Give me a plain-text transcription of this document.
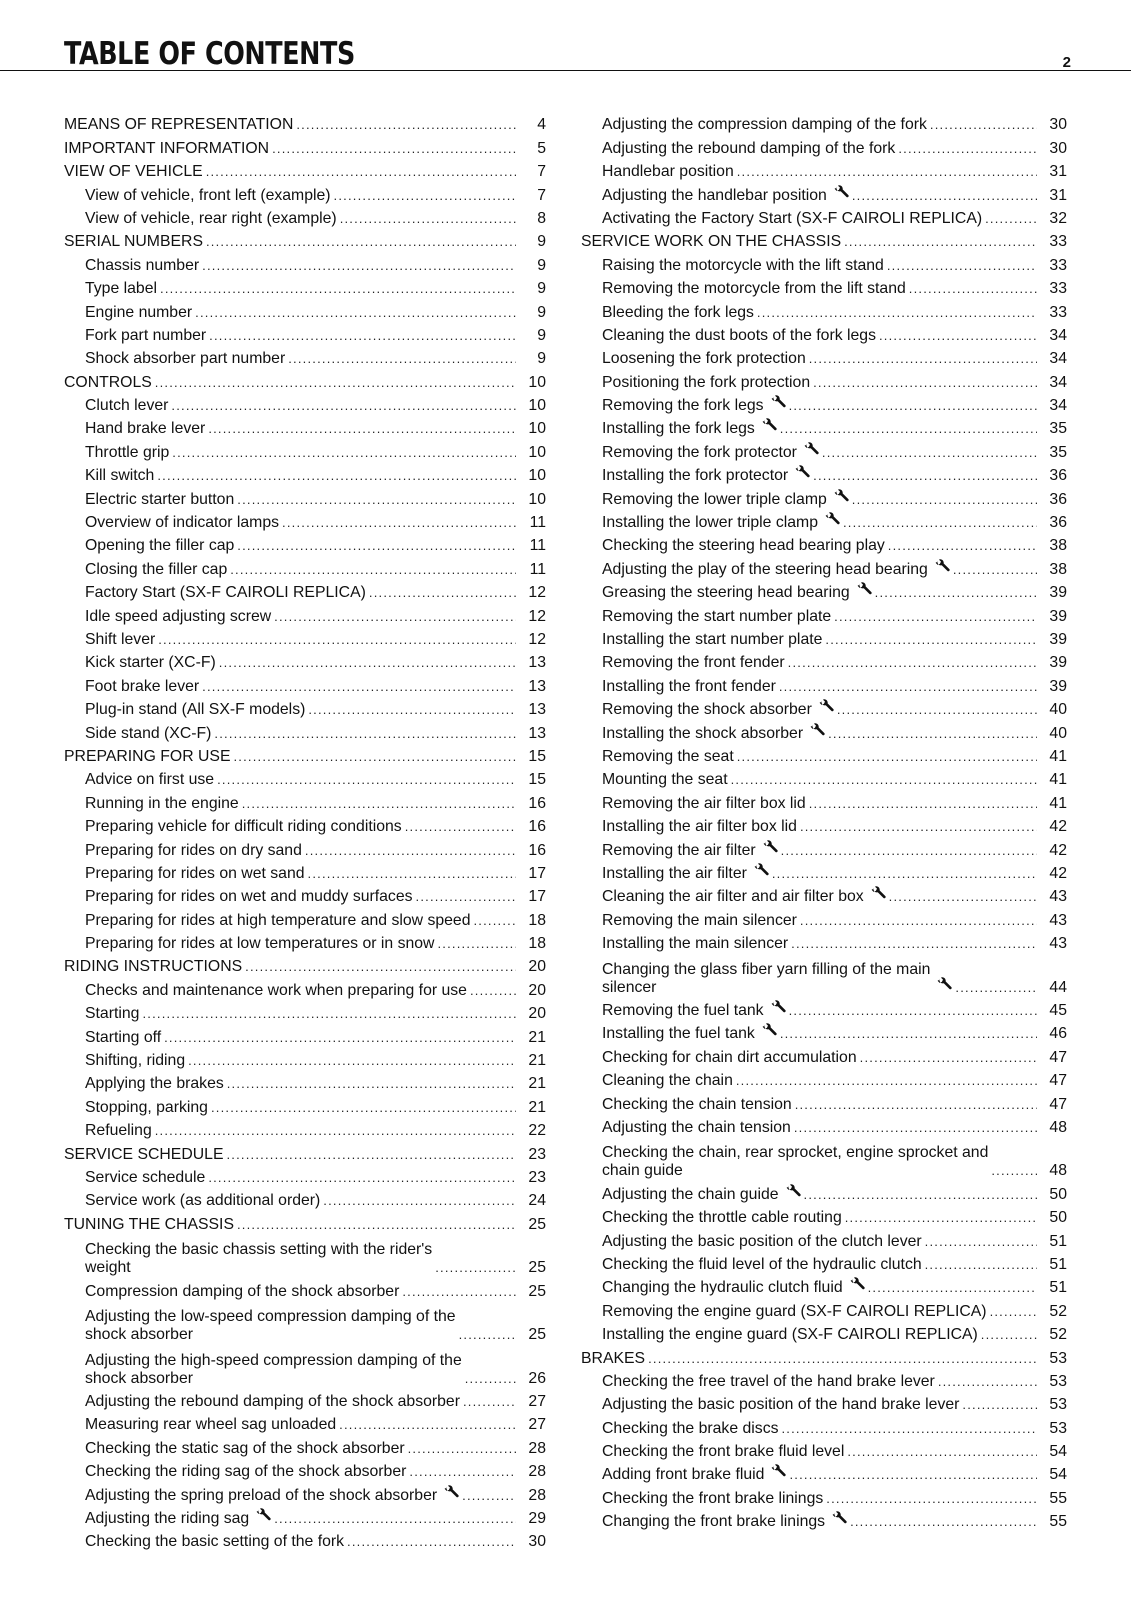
TABLE OF CONTENTS	2
MEANS OF REPRESENTATION .....	4
IMPORTANT INFORMATION .....	5
VIEW OF VEHICLE .....	7
View of vehicle, front left (example) .....	7
View of vehicle, rear right (example) .....	8
SERIAL NUMBERS .....	9
Chassis number .....	9
Type label .....	9
Engine number .....	9
Fork part number .....	9
Shock absorber part number .....	9
CONTROLS .....	10
Clutch lever .....	10
Hand brake lever .....	10
Throttle grip .....	10
Kill switch .....	10
Electric starter button .....	10
Overview of indicator lamps .....	11
Opening the filler cap .....	11
Closing the filler cap .....	11
Factory Start (SX-F CAIROLI REPLICA) .....	12
Idle speed adjusting screw .....	12
Shift lever .....	12
Kick starter (XC-F) .....	13
Foot brake lever .....	13
Plug-in stand (All SX-F models) .....	13
Side stand (XC-F) .....	13
PREPARING FOR USE .....	15
Advice on first use .....	15
Running in the engine .....	16
Preparing vehicle for difficult riding conditions .....	16
Preparing for rides on dry sand .....	16
Preparing for rides on wet sand .....	17
Preparing for rides on wet and muddy surfaces .....	17
Preparing for rides at high temperature and slow speed .....	18
Preparing for rides at low temperatures or in snow .....	18
RIDING INSTRUCTIONS .....	20
Checks and maintenance work when preparing for use .....	20
Starting .....	20
Starting off .....	21
Shifting, riding .....	21
Applying the brakes .....	21
Stopping, parking .....	21
Refueling .....	22
SERVICE SCHEDULE .....	23
Service schedule .....	23
Service work (as additional order) .....	24
TUNING THE CHASSIS .....	25
Checking the basic chassis setting with the rider's
weight .....	25
Compression damping of the shock absorber .....	25
Adjusting the low-speed compression damping of the
shock absorber .....	25
Adjusting the high-speed compression damping of the
shock absorber .....	26
Adjusting the rebound damping of the shock absorber .....	27
Measuring rear wheel sag unloaded .....	27
Checking the static sag of the shock absorber .....	28
Checking the riding sag of the shock absorber .....	28
Adjusting the spring preload of the shock absorber .....	28
Adjusting the riding sag .....	29
Checking the basic setting of the fork .....	30
Adjusting the compression damping of the fork .....	30
Adjusting the rebound damping of the fork .....	30
Handlebar position .....	31
Adjusting the handlebar position .....	31
Activating the Factory Start (SX-F CAIROLI REPLICA) .....	32
SERVICE WORK ON THE CHASSIS .....	33
Raising the motorcycle with the lift stand .....	33
Removing the motorcycle from the lift stand .....	33
Bleeding the fork legs .....	33
Cleaning the dust boots of the fork legs .....	34
Loosening the fork protection .....	34
Positioning the fork protection .....	34
Removing the fork legs .....	34
Installing the fork legs .....	35
Removing the fork protector .....	35
Installing the fork protector .....	36
Removing the lower triple clamp .....	36
Installing the lower triple clamp .....	36
Checking the steering head bearing play .....	38
Adjusting the play of the steering head bearing .....	38
Greasing the steering head bearing .....	39
Removing the start number plate .....	39
Installing the start number plate .....	39
Removing the front fender .....	39
Installing the front fender .....	39
Removing the shock absorber .....	40
Installing the shock absorber .....	40
Removing the seat .....	41
Mounting the seat .....	41
Removing the air filter box lid .....	41
Installing the air filter box lid .....	42
Removing the air filter .....	42
Installing the air filter .....	42
Cleaning the air filter and air filter box .....	43
Removing the main silencer .....	43
Installing the main silencer .....	43
Changing the glass fiber yarn filling of the main
silencer .....	44
Removing the fuel tank .....	45
Installing the fuel tank .....	46
Checking for chain dirt accumulation .....	47
Cleaning the chain .....	47
Checking the chain tension .....	47
Adjusting the chain tension .....	48
Checking the chain, rear sprocket, engine sprocket and
chain guide .....	48
Adjusting the chain guide .....	50
Checking the throttle cable routing .....	50
Adjusting the basic position of the clutch lever .....	51
Checking the fluid level of the hydraulic clutch .....	51
Changing the hydraulic clutch fluid .....	51
Removing the engine guard (SX-F CAIROLI REPLICA) .....	52
Installing the engine guard (SX-F CAIROLI REPLICA) .....	52
BRAKES .....	53
Checking the free travel of the hand brake lever .....	53
Adjusting the basic position of the hand brake lever .....	53
Checking the brake discs .....	53
Checking the front brake fluid level .....	54
Adding front brake fluid .....	54
Checking the front brake linings .....	55
Changing the front brake linings .....	55
